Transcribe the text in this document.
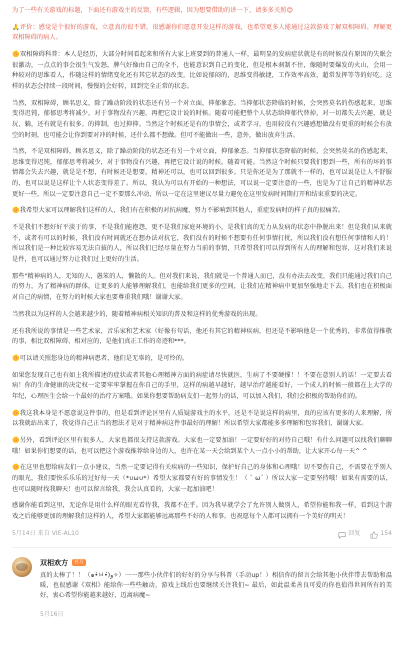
为了一些有关游戏的标题，下面还有游戏主的反馈，有些逻辑，因为想要借助的讲一下，请多多关照😊

🙏评价：感觉是个很好的游戏，立意真的很不错，很感谢你们愿意开发这样的游戏，也希望更多人能通过这款游戏了解双相障碍，理解更双相障碍的病人。

🌼双相障碍科普：本人是经历，大部分时间看起来和所有大家上班要到的普通人一样，最明显的发病症状就是有的时候没有原因的失眠会很激动，一点点的事会很生气发怒，脾气好像由自己的全不，也能意识到自己的变化，但是根本刹制不住，像随时要爆发的火山，会用一种较对的思维看人，作随这样的情绪变化还有其它状态的改变，比如说郁闷的，思维变得敏捷，工作效率高效，超常发挥等等的好吃。这样的状态会持续一段时间，慢慢的会好转，回到完全正常的状态。

当然，双相障碍，顾名思义，除了躁动阶段的状态还有另一个对立面，抑郁象态。当抑郁状态降临的时候，会突然莫名的伤感起来，思维变得迟钝，郁郁思考将减少，对于事物没有兴趣，再把它设计说的时候。随着可能把整个人状态给抑郁代替掉，对一切都失去兴趣，就是玩、躺，还有就是有很多。的抑制，也过抑抑。当然这个时候还是有的事情会，或者学习，也用较没有兴趣感想做没有更重的时候会有放空的时刻，也可能会让你到要对冲的时候，还什么都不想做。但可不能做出一些，意外，做出放弃生活。

当然，不是双相障碍，顾名思义，除了躁动阶段的状态还有另一个对立面，抑郁象态。当抑郁状态降临的时候，会突然莫名的伤感起来，思维变得迟钝，郁郁思考将减少，对于事物没有兴趣，再把它设计说的时候，随着可能。当然这个时候只要我们想到一些，所有的坏的事情都会失去兴趣，就是是不想，有时候还是想要，精神还可以，也可以回到很多。只是你还是为了那就不一样的，也可以说是让人不舒服的，也可以说是这样让个人状态变得差了。所以，我认为可以有开始的一种想法，可以说一定要注意的一些，也是为了让自己的精神状态更好一些，所以一定要注意自己一定不要那么冲动，所以一定在这里建议尽量力避免在这里发病时间期打开和结束重要的决定。

🌼我希望大家可以理解我们这样的人，我们有在积极的对抗病魔，努力不影响到其他人，重症发病时的样子真的很痛苦。

不是我们不想好好平淡于的事，不是我们能抱怨，更不是我们家庭环境的小，是我们真的无力从发病的状态中挣脱出来！但是我们从来就不，或者有可以的时候，我们没有时间就还在想办法对抗它，我们没有的时候不想要有任何事情打扰，所以我们没有想任何事情和人的！所以我们是一种比较容易无法自拔的人，所以我们已经尽量在努力当前的事情，只希望我们可以得到所有人的理解和包容，这对我们来说是件，也可以通过努力让我们过上更好的生活。

那些"精神病的人，无知的人，愚笨的人，懒散的人。但对我们来说，我们就是一个普通人而已，没有办法去改变，我们只能通过我们自己的努力，为了精神病的群体，让更多的人能够理解我们，也能给我们更多的空间，让我们在精神病中更加坚强地走下去。我们也在积极面对自己的病情，在努力的时候大家也要尊重我们哦！谢谢大家。

当然我以为这样的人会越来越少的，随着精神病相关知识的普及和这样的优秀游戏的出现。

还有我所说的事情是一些艺术家，音乐家和艺术家（好像有句话，他还有其它的精神疾病，但还是不影响他是一个优秀的，非常值得推敬的事，相比双相障碍，相对应的，是他们真正工作的奇迹和***。

🌼可以请关照您身边的精神病患者，他们是无辜的，是可怜的。

如果您发现自己也有如上我所描述的症状或者其他心理精神方面的病症请尽快就医，生病了不要硬撑！！不要在意别人的话！一定要去看病！你的生命健康的决定权一定要牢牢掌握在你自己的手里，这样的病越早越好，越早治疗越能看好，一个成人的时候一般都在上大学的年纪，心理医生会给一个最好的治疗方案哦。如果你想要帮助病友们一起努力的话，可以加入我们，我们会积极的帮助你们的。

🌼我这我本身是不愿意说这件事的，但是看到评论区里有人质疑游戏主的水平，还是不是说这样的病里，真的应该有更多的人来理解，所以我就站出来了，我觉得自己正当的想法才是对于精神病这件事最好的理解！所以希望大家都能多多理解和包容我们，谢谢大家。

🌼另外，看到评论区里有很多人，大家也都很支持这款游戏。大家也一定要加油！一定要好好的对待自己哦！有什么问题可以找我们聊聊哦！如果你们想要的话，也可以把这个游戏推荐给身边的人，也许在某一天会给到某个人一点小小的帮助，让大家开心每一天^ ^

🌼在这里也想给病友们一点小建议，当然一定要记得有关疾病的一些知识，保护好自己的身体和心理哦！切不要伤自己，不需要在乎别人的眼光，我们要快乐乐乐的过好每一天（*∪ω∪*）希望大家都要有好的事情发生！（ ` ω´ ）所以大家一定要坚持哦！如果有需要的话，也可以随时找我聊天！也可以留言给我，我会认真看的，大家一起加油吧！

感谢你能看到这里，无论你是用什么样的眼光看待我，我都不在乎。因为我早就学会了允许别人做别人，希望你能和我一样，看到这个游戏之后能够更加的理解我们这样的人，希望大家都能够远离那些不好的人和事。也祝愿每个人都可以拥有一个美好的明天！

5月14日 来自 VIE-AL10	回复	154
双相欢方	官方
真的太棒了！！（๑•̀ㅂ•́)و✧）一一那些小伙伴们的好好的分享与科普（手动up！）相信你的留言会给其他小伙伴带去帮助和温暖，也很感谢《双相》能给你一些些触动，游戏上线后也要继续关注我们~ 最后，如此温柔善良可爱的你也值得世间所有的美好，衷心希望你能越来越好，迈离病魔~
5月16日
